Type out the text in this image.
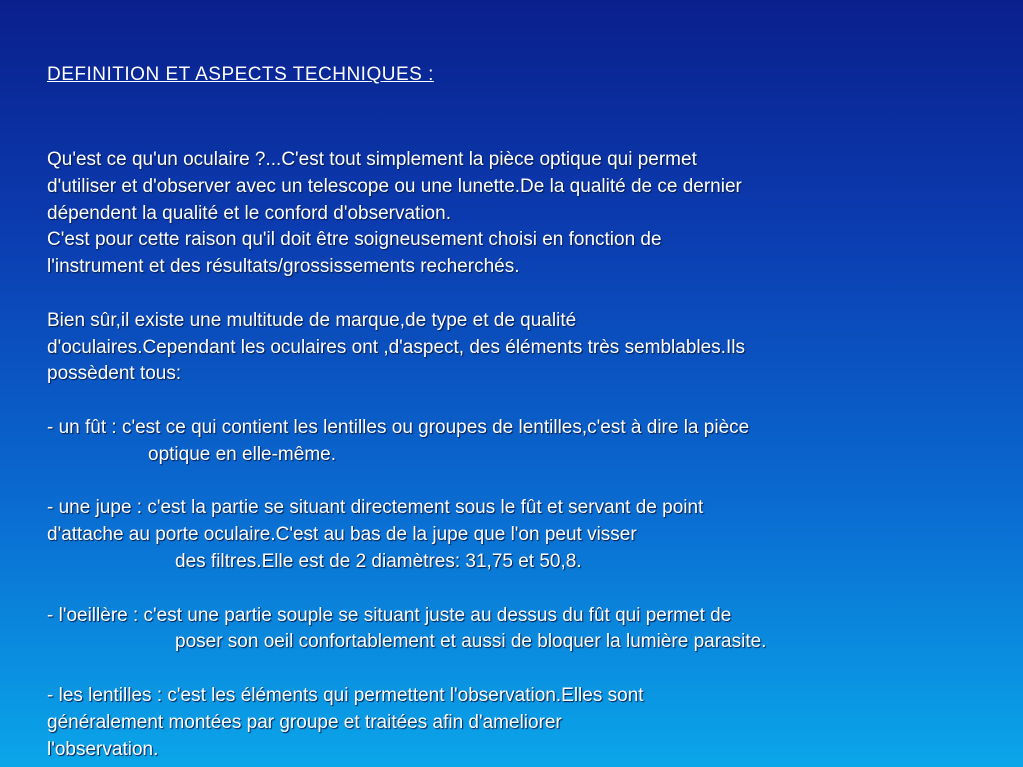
DEFINITION ET ASPECTS TECHNIQUES :
Qu'est ce qu'un oculaire ?...C'est tout simplement la pièce optique qui permet
d'utiliser et d'observer avec un telescope ou une lunette.De la qualité de ce dernier
dépendent la qualité et le conford d'observation.
C'est pour cette raison qu'il doit être soigneusement choisi en fonction de
l'instrument et des résultats/grossissements recherchés.
Bien sûr,il existe une multitude de marque,de type et de qualité
d'oculaires.Cependant les oculaires ont ,d'aspect, des éléments très semblables.Ils
possèdent tous:
- un fût : c'est ce qui contient les lentilles ou groupes de lentilles,c'est à dire la pièce
optique en elle-même.
- une jupe : c'est la partie se situant directement sous le fût et servant de point
d'attache au porte oculaire.C'est au bas de la jupe que l'on peut visser
des filtres.Elle est de 2 diamètres: 31,75 et 50,8.
- l'oeillère : c'est une partie souple se situant juste au dessus du fût qui permet de
poser son oeil confortablement et aussi de bloquer la lumière parasite.
- les lentilles : c'est les éléments qui permettent l'observation.Elles sont
généralement montées par groupe et traitées afin d'ameliorer
l'observation.
